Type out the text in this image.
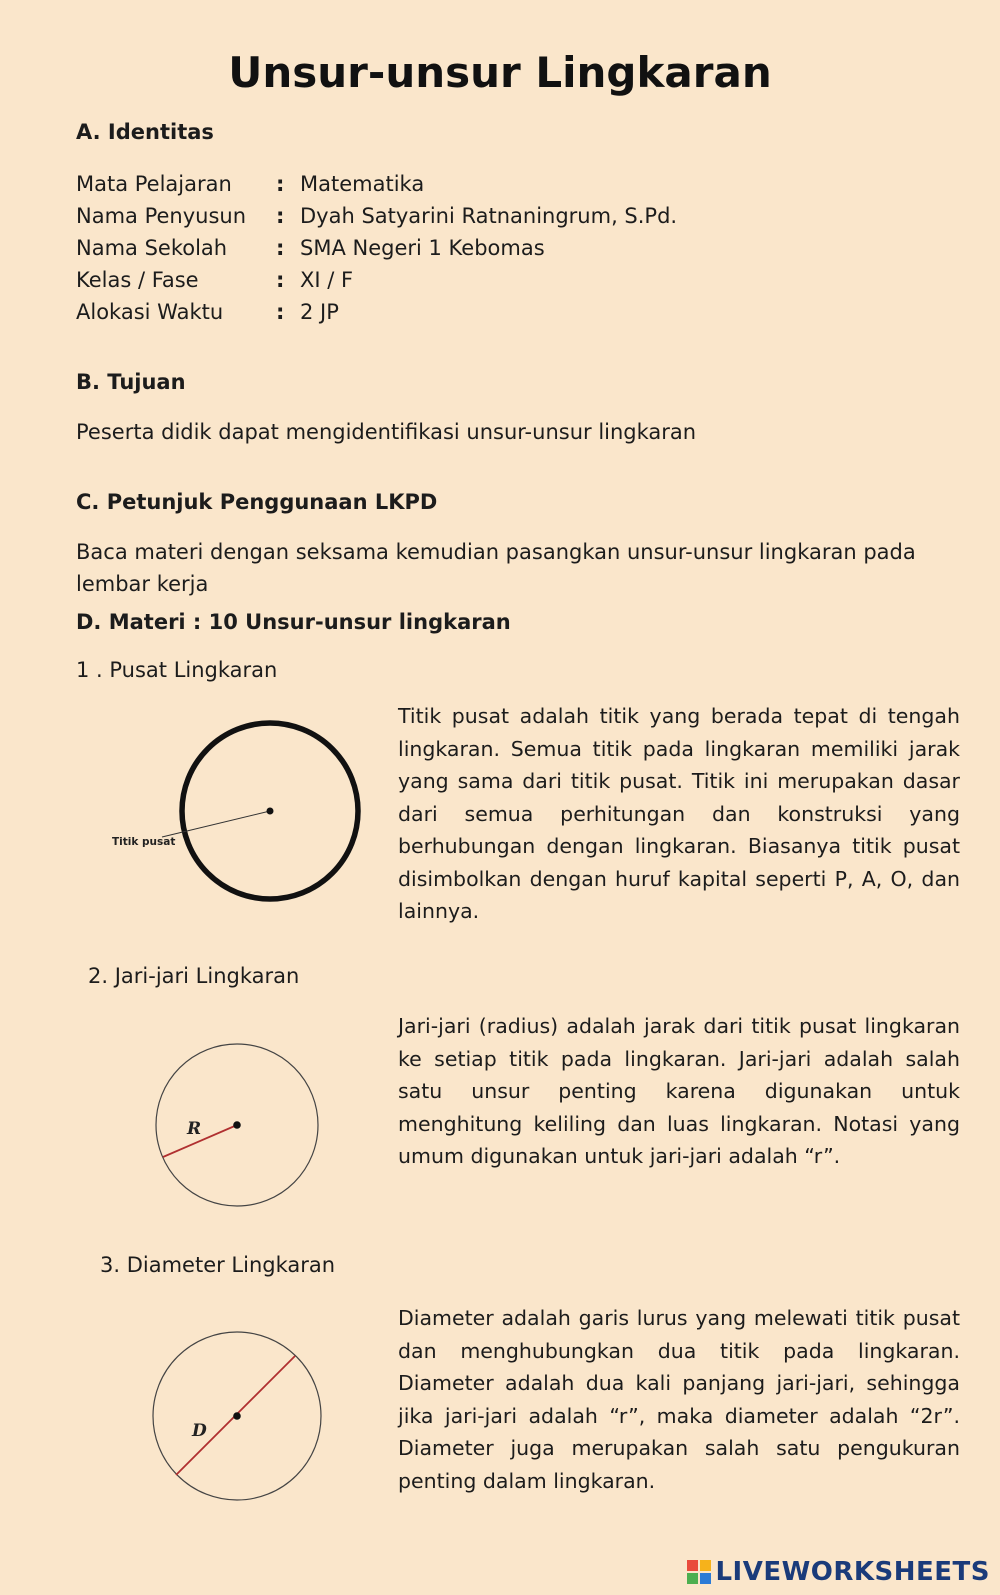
Unsur-unsur Lingkaran
A. Identitas
Mata Pelajaran : Matematika
Nama Penyusun : Dyah Satyarini Ratnaningrum, S.Pd.
Nama Sekolah : SMA Negeri 1 Kebomas
Kelas / Fase	: XI / F
Alokasi Waktu	: 2 JP
B. Tujuan
Peserta didik dapat mengidentifikasi unsur-unsur lingkaran
C. Petunjuk Penggunaan LKPD
Baca materi dengan seksama kemudian pasangkan unsur-unsur lingkaran pada lembar kerja
D. Materi : 10 Unsur-unsur lingkaran
1 . Pusat Lingkaran
Titik pusat
Titik pusat adalah titik yang berada tepat di tengah lingkaran. Semua titik pada lingkaran memiliki jarak yang sama dari titik pusat. Titik ini merupakan dasar dari semua perhitungan dan konstruksi yang berhubungan dengan lingkaran. Biasanya titik pusat disimbolkan dengan huruf kapital seperti P, A, O, dan lainnya.
2. Jari-jari Lingkaran
R
Jari-jari (radius) adalah jarak dari titik pusat lingkaran ke setiap titik pada lingkaran. Jari-jari adalah salah satu unsur penting karena digunakan untuk menghitung keliling dan luas lingkaran. Notasi yang umum digunakan untuk jari-jari adalah “r”.
3. Diameter Lingkaran
D
Diameter adalah garis lurus yang melewati titik pusat dan menghubungkan dua titik pada lingkaran. Diameter adalah dua kali panjang jari-jari, sehingga jika jari-jari adalah “r”, maka diameter adalah “2r”. Diameter juga merupakan salah satu pengukuran penting dalam lingkaran.
LIVEWORKSHEETS
